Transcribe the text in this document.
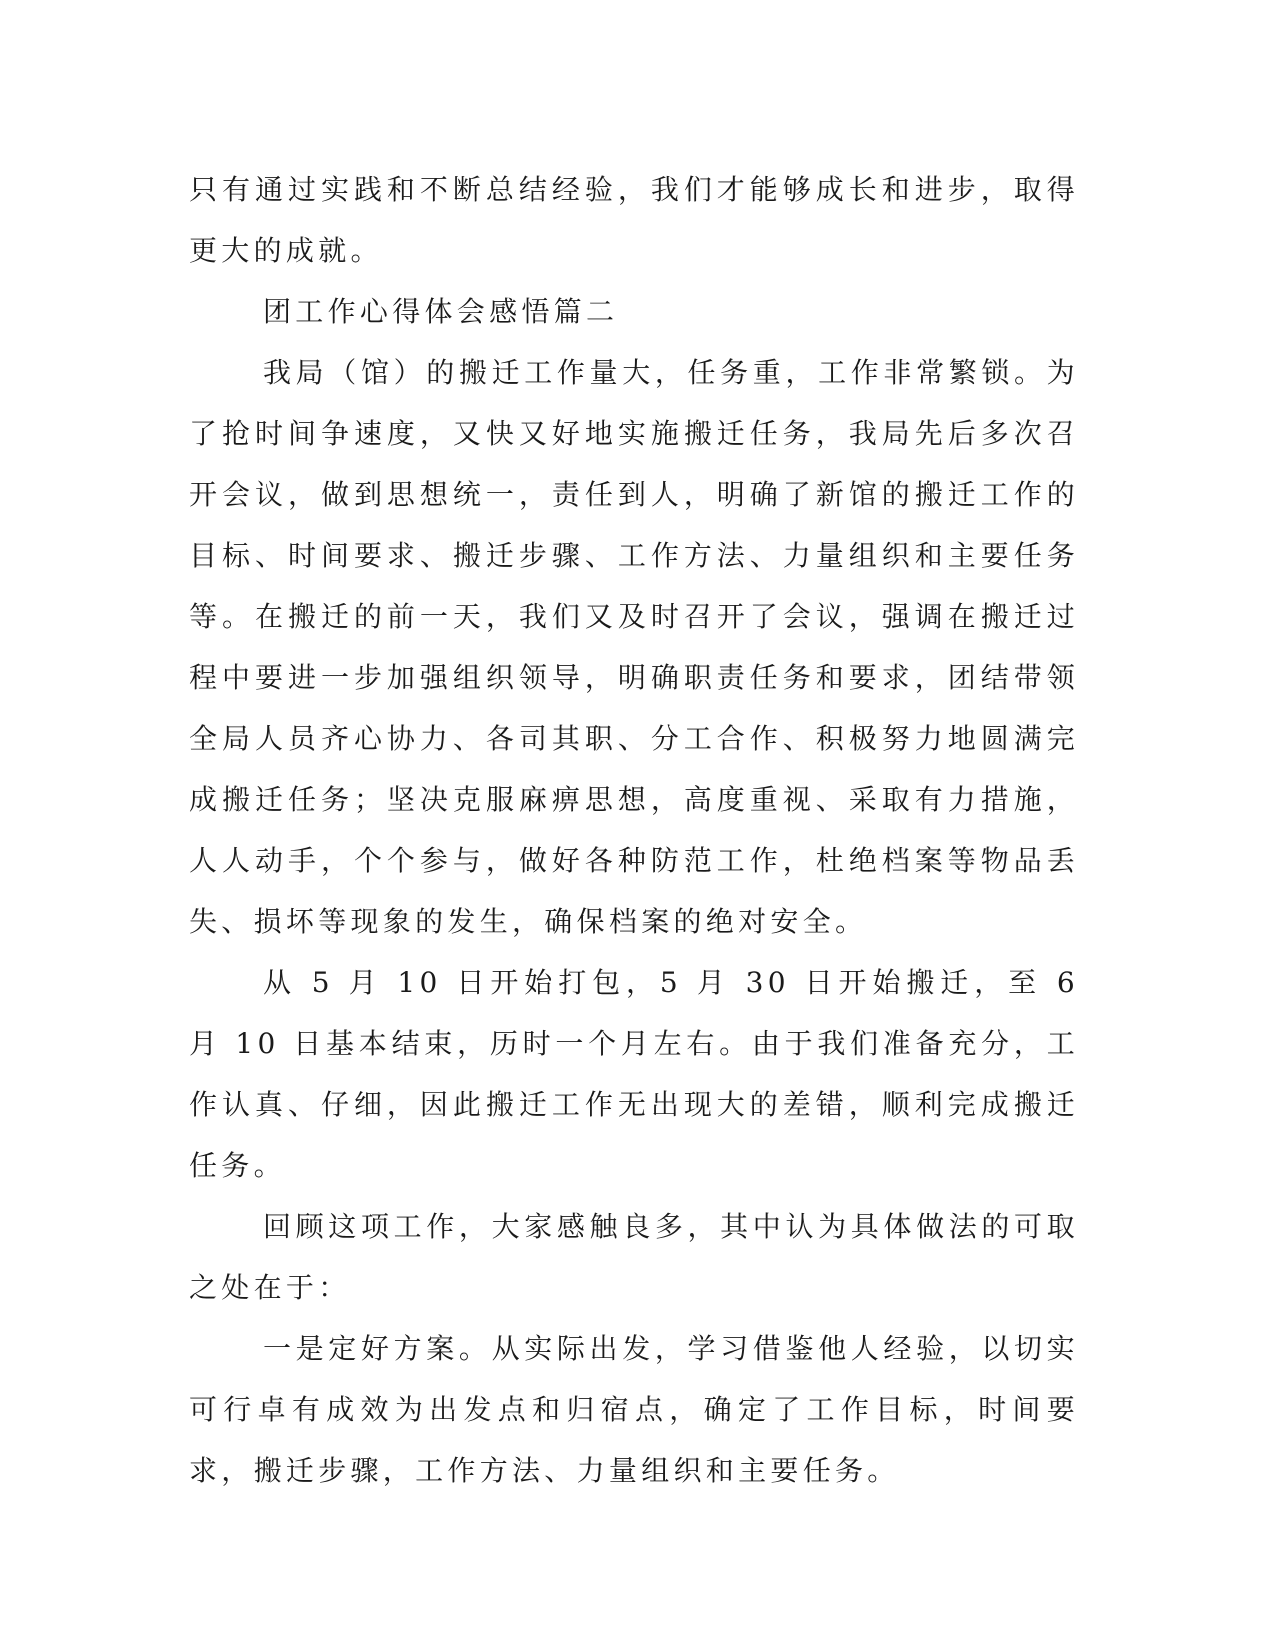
只有通过实践和不断总结经验，我们才能够成长和进步，取得更大的成就。

团工作心得体会感悟篇二

我局（馆）的搬迁工作量大，任务重，工作非常繁锁。为了抢时间争速度，又快又好地实施搬迁任务，我局先后多次召开会议，做到思想统一，责任到人，明确了新馆的搬迁工作的目标、时间要求、搬迁步骤、工作方法、力量组织和主要任务等。在搬迁的前一天，我们又及时召开了会议，强调在搬迁过程中要进一步加强组织领导，明确职责任务和要求，团结带领全局人员齐心协力、各司其职、分工合作、积极努力地圆满完成搬迁任务；坚决克服麻痹思想，高度重视、采取有力措施，人人动手，个个参与，做好各种防范工作，杜绝档案等物品丢失、损坏等现象的发生，确保档案的绝对安全。

从 5 月 10 日开始打包，5 月 30 日开始搬迁，至 6 月 10 日基本结束，历时一个月左右。由于我们准备充分，工作认真、仔细，因此搬迁工作无出现大的差错，顺利完成搬迁任务。

回顾这项工作，大家感触良多，其中认为具体做法的可取之处在于：

一是定好方案。从实际出发，学习借鉴他人经验，以切实可行卓有成效为出发点和归宿点，确定了工作目标，时间要求，搬迁步骤，工作方法、力量组织和主要任务。
